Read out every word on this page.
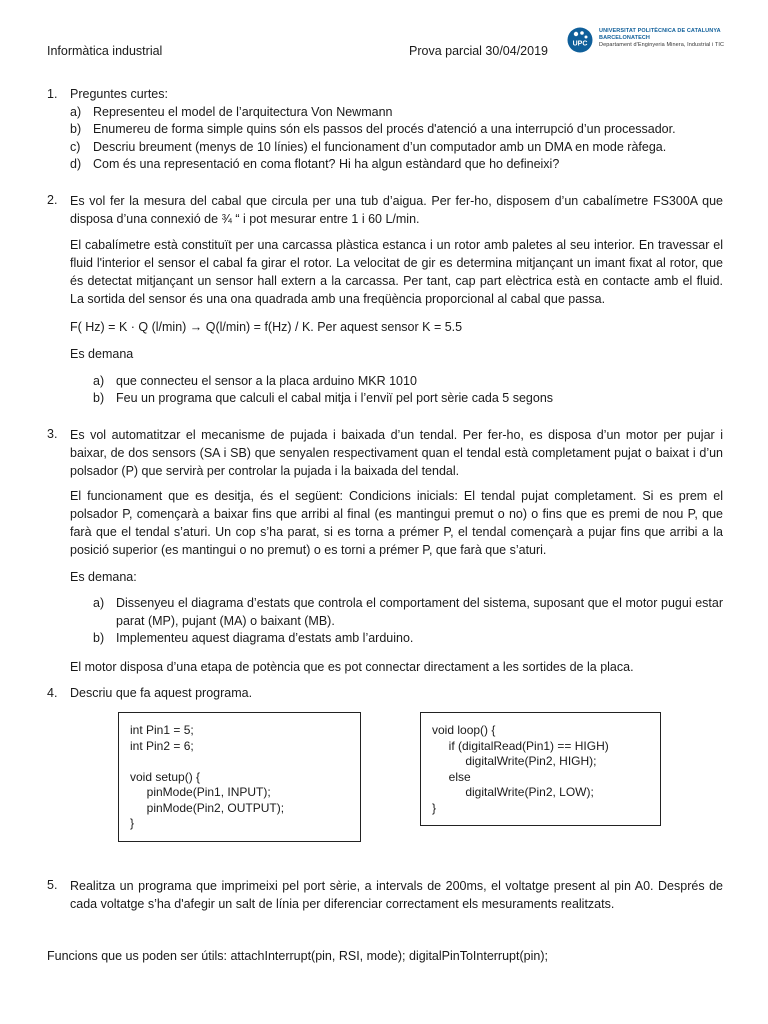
Informàtica industrial	Prova parcial 30/04/2019	UPC
UNIVERSITAT POLITÈCNICA DE CATALUNYA
BARCELONATECH
Departament d'Enginyeria Minera, Industrial i TIC
1. Preguntes curtes:
a) Representeu el model de l’arquitectura Von Newmann
b) Enumereu de forma simple quins són els passos del procés d'atenció a una interrupció d’un processador.
c) Descriu breument (menys de 10 línies) el funcionament d’un computador amb un DMA en mode ràfega.
d) Com és una representació en coma flotant? Hi ha algun estàndard que ho defineixi?
2. Es vol fer la mesura del cabal que circula per una tub d’aigua. Per fer-ho, disposem d’un cabalímetre FS300A que disposa d’una connexió de ¾ “ i pot mesurar entre 1 i 60 L/min.
El cabalímetre està constituït per una carcassa plàstica estanca i un rotor amb paletes al seu interior. En travessar el fluid l'interior el sensor el cabal fa girar el rotor. La velocitat de gir es determina mitjançant un imant fixat al rotor, que és detectat mitjançant un sensor hall extern a la carcassa. Per tant, cap part elèctrica està en contacte amb el fluid. La sortida del sensor és una ona quadrada amb una freqüència proporcional al cabal que passa.
F( Hz) = K · Q (l/min) → Q(l/min) = f(Hz) / K. Per aquest sensor K = 5.5
Es demana
a) que connecteu el sensor a la placa arduino MKR 1010
b) Feu un programa que calculi el cabal mitja i l’enviï pel port sèrie cada 5 segons
3. Es vol automatitzar el mecanisme de pujada i baixada d’un tendal. Per fer-ho, es disposa d’un motor per pujar i baixar, de dos sensors (SA i SB) que senyalen respectivament quan el tendal està completament pujat o baixat i d’un polsador (P) que servirà per controlar la pujada i la baixada del tendal.
El funcionament que es desitja, és el següent: Condicions inicials: El tendal pujat completament. Si es prem el polsador P, començarà a baixar fins que arribi al final (es mantingui premut o no) o fins que es premi de nou P, que farà que el tendal s’aturi. Un cop s’ha parat, si es torna a prémer P, el tendal començarà a pujar fins que arribi a la posició superior (es mantingui o no premut) o es torni a prémer P, que farà que s’aturi.
Es demana:
a) Dissenyeu el diagrama d’estats que controla el comportament del sistema, suposant que el motor pugui estar parat (MP), pujant (MA) o baixant (MB).
b) Implementeu aquest diagrama d’estats amb l’arduino.
El motor disposa d’una etapa de potència que es pot connectar directament a les sortides de la placa.
4. Descriu que fa aquest programa.
int Pin1 = 5;
int Pin2 = 6;

void setup() {
pinMode(Pin1, INPUT);
pinMode(Pin2, OUTPUT);
}
void loop() {
if (digitalRead(Pin1) == HIGH)
digitalWrite(Pin2, HIGH);
else
digitalWrite(Pin2, LOW);
}
5. Realitza un programa que imprimeixi pel port sèrie, a intervals de 200ms, el voltatge present al pin A0. Després de cada voltatge s’ha d'afegir un salt de línia per diferenciar correctament els mesuraments realitzats.
Funcions que us poden ser útils: attachInterrupt(pin, RSI, mode); digitalPinToInterrupt(pin);
